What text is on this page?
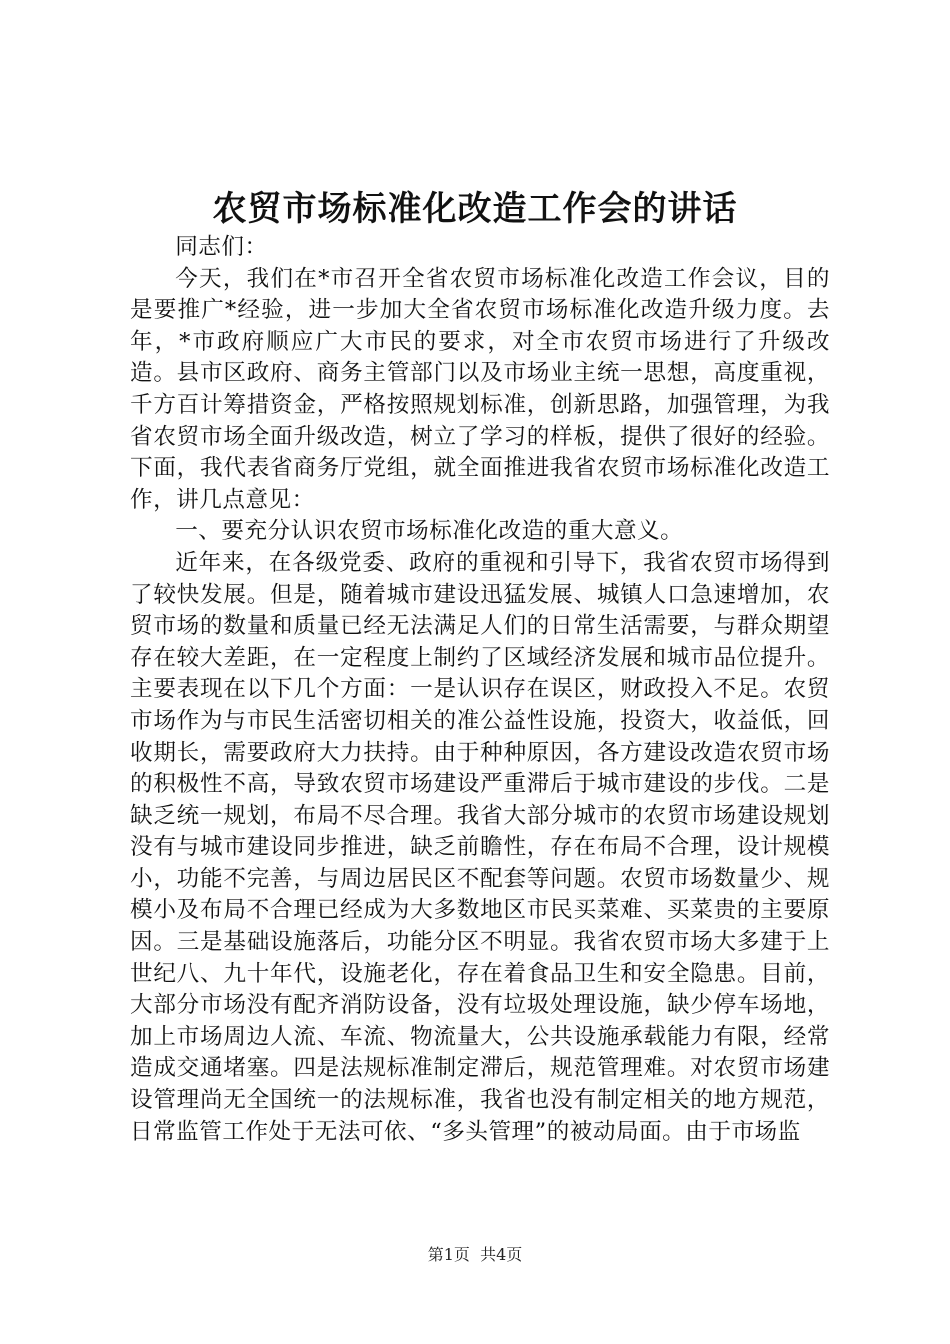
农贸市场标准化改造工作会的讲话

同志们：

今天，我们在*市召开全省农贸市场标准化改造工作会议，目的是要推广*经验，进一步加大全省农贸市场标准化改造升级力度。去年，*市政府顺应广大市民的要求，对全市农贸市场进行了升级改造。县市区政府、商务主管部门以及市场业主统一思想，高度重视，千方百计筹措资金，严格按照规划标准，创新思路，加强管理，为我省农贸市场全面升级改造，树立了学习的样板，提供了很好的经验。下面，我代表省商务厅党组，就全面推进我省农贸市场标准化改造工作，讲几点意见：

一、要充分认识农贸市场标准化改造的重大意义。

近年来，在各级党委、政府的重视和引导下，我省农贸市场得到了较快发展。但是，随着城市建设迅猛发展、城镇人口急速增加，农贸市场的数量和质量已经无法满足人们的日常生活需要，与群众期望存在较大差距，在一定程度上制约了区域经济发展和城市品位提升。主要表现在以下几个方面：一是认识存在误区，财政投入不足。农贸市场作为与市民生活密切相关的准公益性设施，投资大，收益低，回收期长，需要政府大力扶持。由于种种原因，各方建设改造农贸市场的积极性不高，导致农贸市场建设严重滞后于城市建设的步伐。二是缺乏统一规划，布局不尽合理。我省大部分城市的农贸市场建设规划没有与城市建设同步推进，缺乏前瞻性，存在布局不合理，设计规模小，功能不完善，与周边居民区不配套等问题。农贸市场数量少、规模小及布局不合理已经成为大多数地区市民买菜难、买菜贵的主要原因。三是基础设施落后，功能分区不明显。我省农贸市场大多建于上世纪八、九十年代，设施老化，存在着食品卫生和安全隐患。目前，大部分市场没有配齐消防设备，没有垃圾处理设施，缺少停车场地，加上市场周边人流、车流、物流量大，公共设施承载能力有限，经常造成交通堵塞。四是法规标准制定滞后，规范管理难。对农贸市场建设管理尚无全国统一的法规标准，我省也没有制定相关的地方规范，日常监管工作处于无法可依、“多头管理”的被动局面。由于市场监

第1页 共4页
